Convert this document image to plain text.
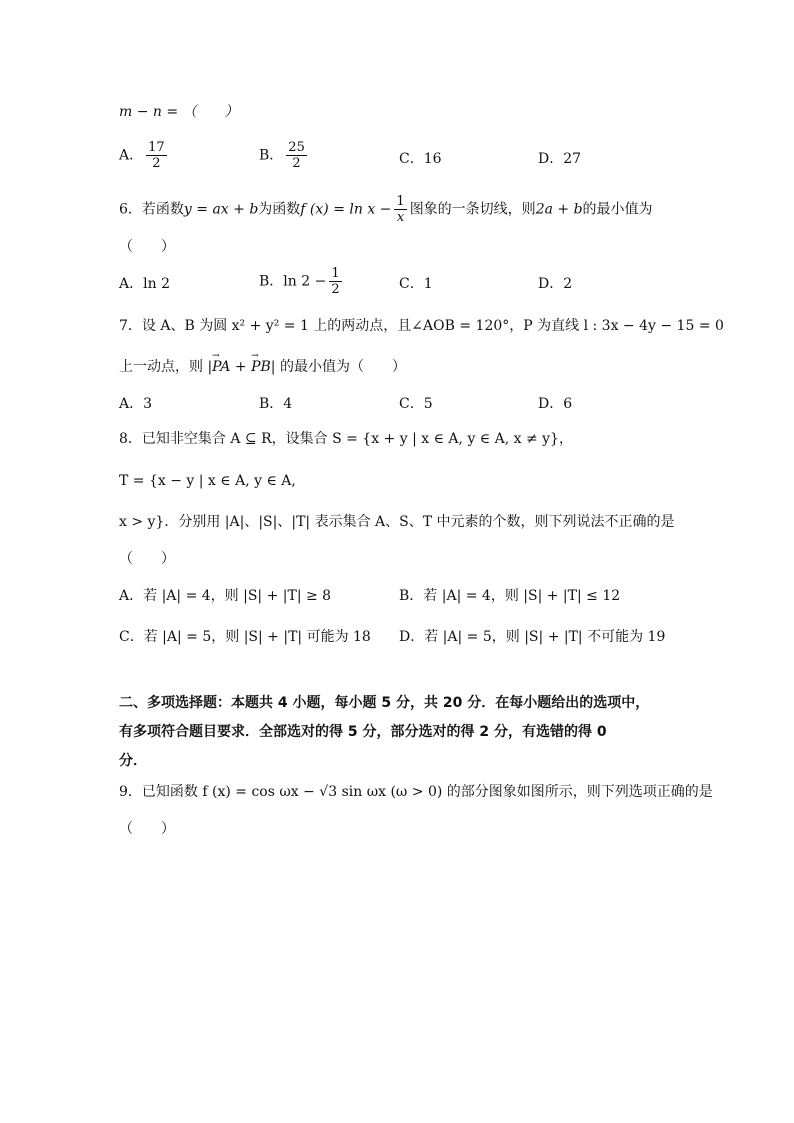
m − n = （　　）
A． $\frac{17}{2}$	B． $\frac{25}{2}$	C．16	D．27
6．若函数y = ax + b为函数f $(x) = \ln x - \frac{1}{x}$ 图象的一条切线，则2a + b的最小值为
（　　）
A．ln 2	B．$\ln 2 - \frac{1}{2}$	C．1	D．2
7．设 A、B 为圆 x² + y² = 1 上的两动点，且∠AOB = 120°，P 为直线 l : 3x − 4y − 15 = 0
上一动点，则 |→ PA + → PB| 的最小值为（　　）
A．3	B．4	C．5	D．6
8．已知非空集合 A ⊆ R，设集合 S = {x + y | x ∈ A, y ∈ A, x ≠ y}，
T = {x − y | x ∈ A, y ∈ A,
x > y}．分别用 |A|、|S|、|T| 表示集合 A、S、T 中元素的个数，则下列说法不正确的是
（　　）
A．若 |A| = 4，则 |S| + |T| ≥ 8	B．若 |A| = 4，则 |S| + |T| ≤ 12
C．若 |A| = 5，则 |S| + |T| 可能为 18 D．若 |A| = 5，则 |S| + |T| 不可能为 19
二、多项选择题：本题共 4 小题，每小题 5 分，共 20 分．在每小题给出的选项中，
有多项符合题目要求．全部选对的得 5 分，部分选对的得 2 分，有选错的得 0
分．
9．已知函数 f (x) = cos ωx − √3 sin ωx (ω > 0) 的部分图象如图所示，则下列选项正确的是
（　　）
